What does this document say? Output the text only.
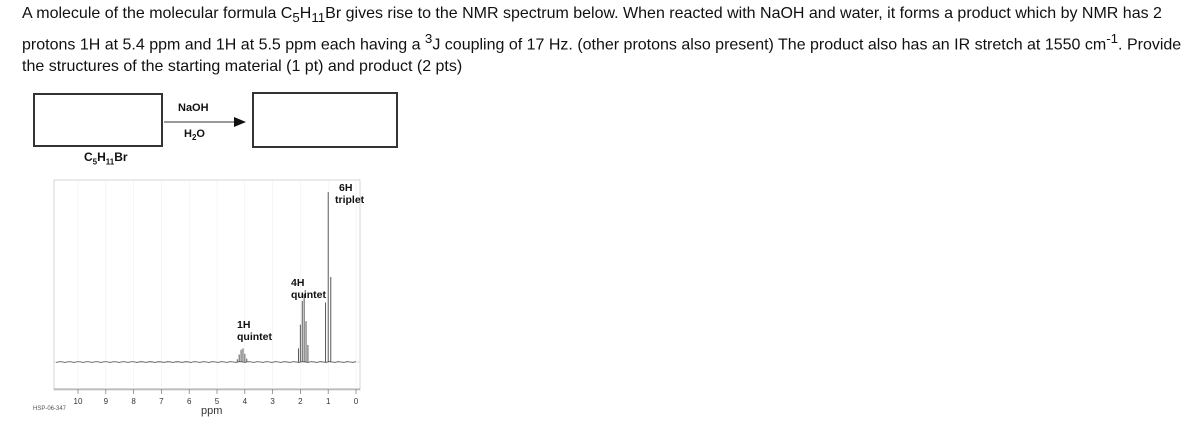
A molecule of the molecular formula $C_5H_{11}Br$ gives rise to the NMR spectrum below. When reacted with NaOH and water, it forms a product which by NMR has 2 protons 1H at 5.4 ppm and 1H at 5.5 ppm each having a $^3$J coupling of 17 Hz. (other protons also present) The product also has an IR stretch at 1550 $cm^{-1}$. Provide the structures of the starting material (1 pt) and product (2 pts)
NaOH
$H_2O$
$C_5H_{11}Br$
10	9	8	7	6	5	4	3	2	1	0
1H
quintet
4H
quintet
6H
triplet
ppm
HSP-06-347
